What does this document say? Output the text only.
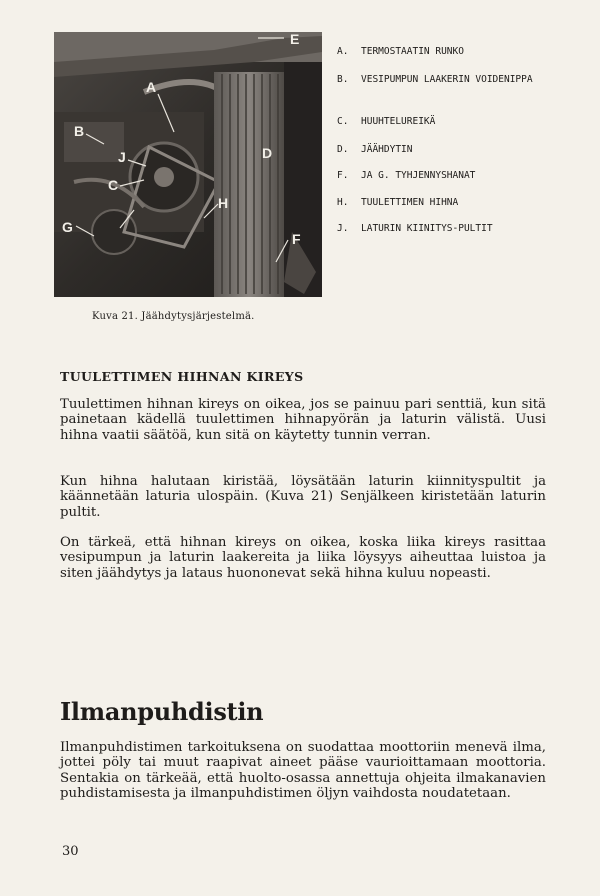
E
A
B
J
C
D
H
G
F
Kuva 21. Jäähdytysjärjestelmä.
A.	TERMOSTAATIN RUNKO
B.	VESIPUMPUN LAAKERIN VOIDENIPPA
C.	HUUHTELUREIKÄ
D.	JÄÄHDYTIN
F.	JA G. TYHJENNYSHANAT
H.	TUULETTIMEN HIHNA
J.	LATURIN KIINITYS-PULTIT
TUULETTIMEN HIHNAN KIREYS

Tuulettimen hihnan kireys on oikea, jos se painuu pari senttiä, kun sitä painetaan kädellä tuulettimen hihnapyörän ja laturin välistä. Uusi hihna vaatii säätöä, kun sitä on käytetty tunnin verran.

Kun hihna halutaan kiristää, löysätään laturin kiinnityspultit ja käännetään laturia ulospäin. (Kuva 21) Senjälkeen kiristetään laturin pultit.

On tärkeä, että hihnan kireys on oikea, koska liika kireys rasittaa vesipumpun ja laturin laakereita ja liika löysyys aiheuttaa luistoa ja siten jäähdytys ja lataus huononevat sekä hihna kuluu nopeasti.

Ilmanpuhdistin

Ilmanpuhdistimen tarkoituksena on suodattaa moottoriin menevä ilma, jottei pöly tai muut raapivat aineet pääse vaurioittamaan moottoria. Sentakia on tärkeää, että huolto-osassa annettuja ohjeita ilmakanavien puhdistamisesta ja ilmanpuhdistimen öljyn vaihdosta noudatetaan.

30
